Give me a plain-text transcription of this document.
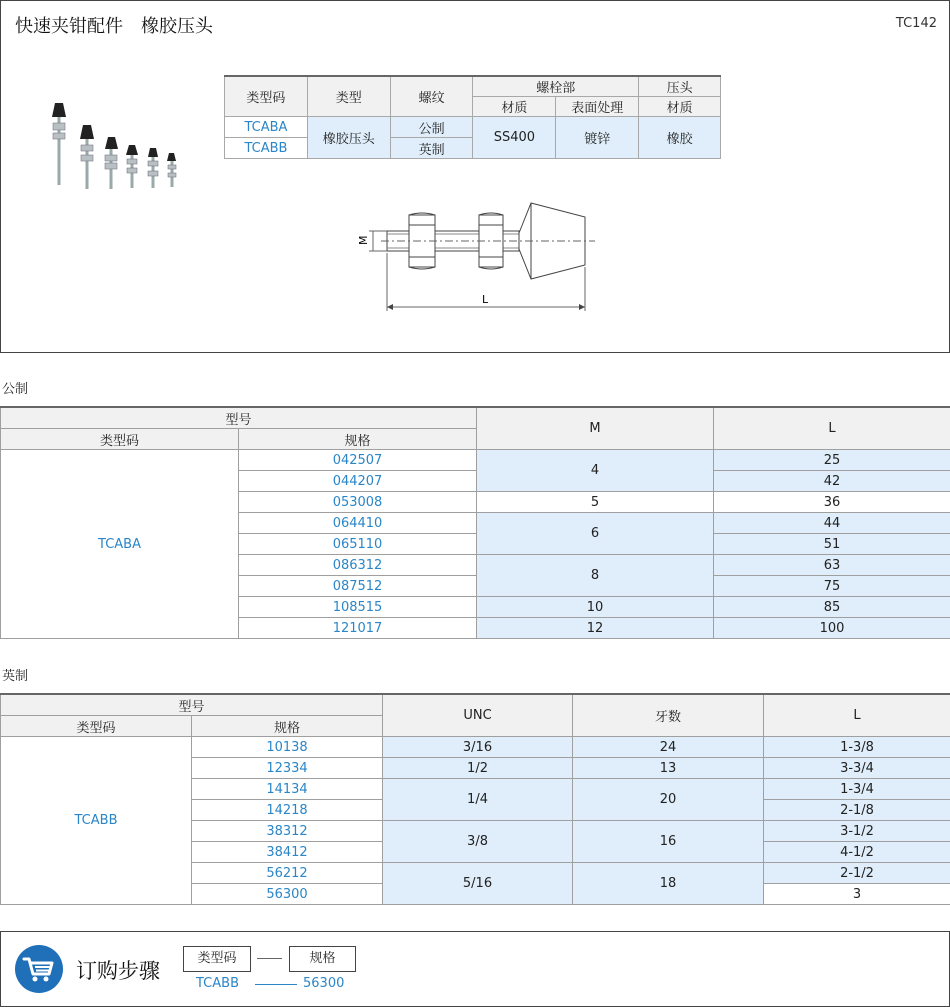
快速夹钳配件　橡胶压头	TC142
类型码	类型	螺纹	螺栓部		压头
			材质	表面处理	材质
TCABA	橡胶压头	公制	SS400	镀锌	橡胶
TCABB		英制			
M
L
公制
型号		M	L
类型码	规格		
TCABA	042507	4	25
	044207		42
	053008	5	36
	064410	6	44
	065110		51
	086312	8	63
	087512		75
	108515	10	85
	121017	12	100
英制
型号		UNC	牙数	L
类型码	规格			
TCABB	10138	3/16	24	1-3/8
	12334	1/2	13	3-3/4
	14134	1/4	20	1-3/4
	14218			2-1/8
	38312	3/8	16	3-1/2
	38412			4-1/2
	56212	5/16	18	2-1/2
	56300			3
订购步骤
类型码	规格
TCABB	56300
